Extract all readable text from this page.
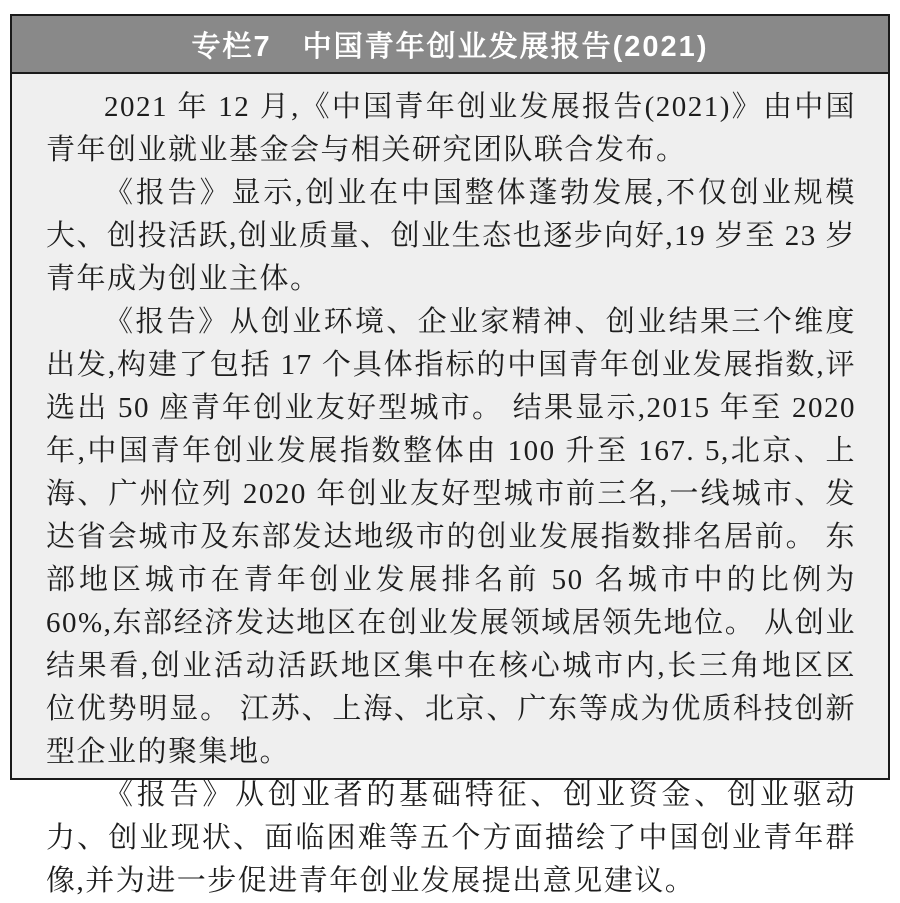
专栏7　中国青年创业发展报告(2021)

2021 年 12 月,《中国青年创业发展报告(2021)》由中国青年创业就业基金会与相关研究团队联合发布。

《报告》显示,创业在中国整体蓬勃发展,不仅创业规模大、创投活跃,创业质量、创业生态也逐步向好,19 岁至 23 岁青年成为创业主体。

《报告》从创业环境、企业家精神、创业结果三个维度出发,构建了包括 17 个具体指标的中国青年创业发展指数,评选出 50 座青年创业友好型城市。 结果显示,2015 年至 2020 年,中国青年创业发展指数整体由 100 升至 167. 5,北京、上海、广州位列 2020 年创业友好型城市前三名,一线城市、发达省会城市及东部发达地级市的创业发展指数排名居前。 东部地区城市在青年创业发展排名前 50 名城市中的比例为 60%,东部经济发达地区在创业发展领域居领先地位。 从创业结果看,创业活动活跃地区集中在核心城市内,长三角地区区位优势明显。 江苏、上海、北京、广东等成为优质科技创新型企业的聚集地。

《报告》从创业者的基础特征、创业资金、创业驱动力、创业现状、面临困难等五个方面描绘了中国创业青年群像,并为进一步促进青年创业发展提出意见建议。
